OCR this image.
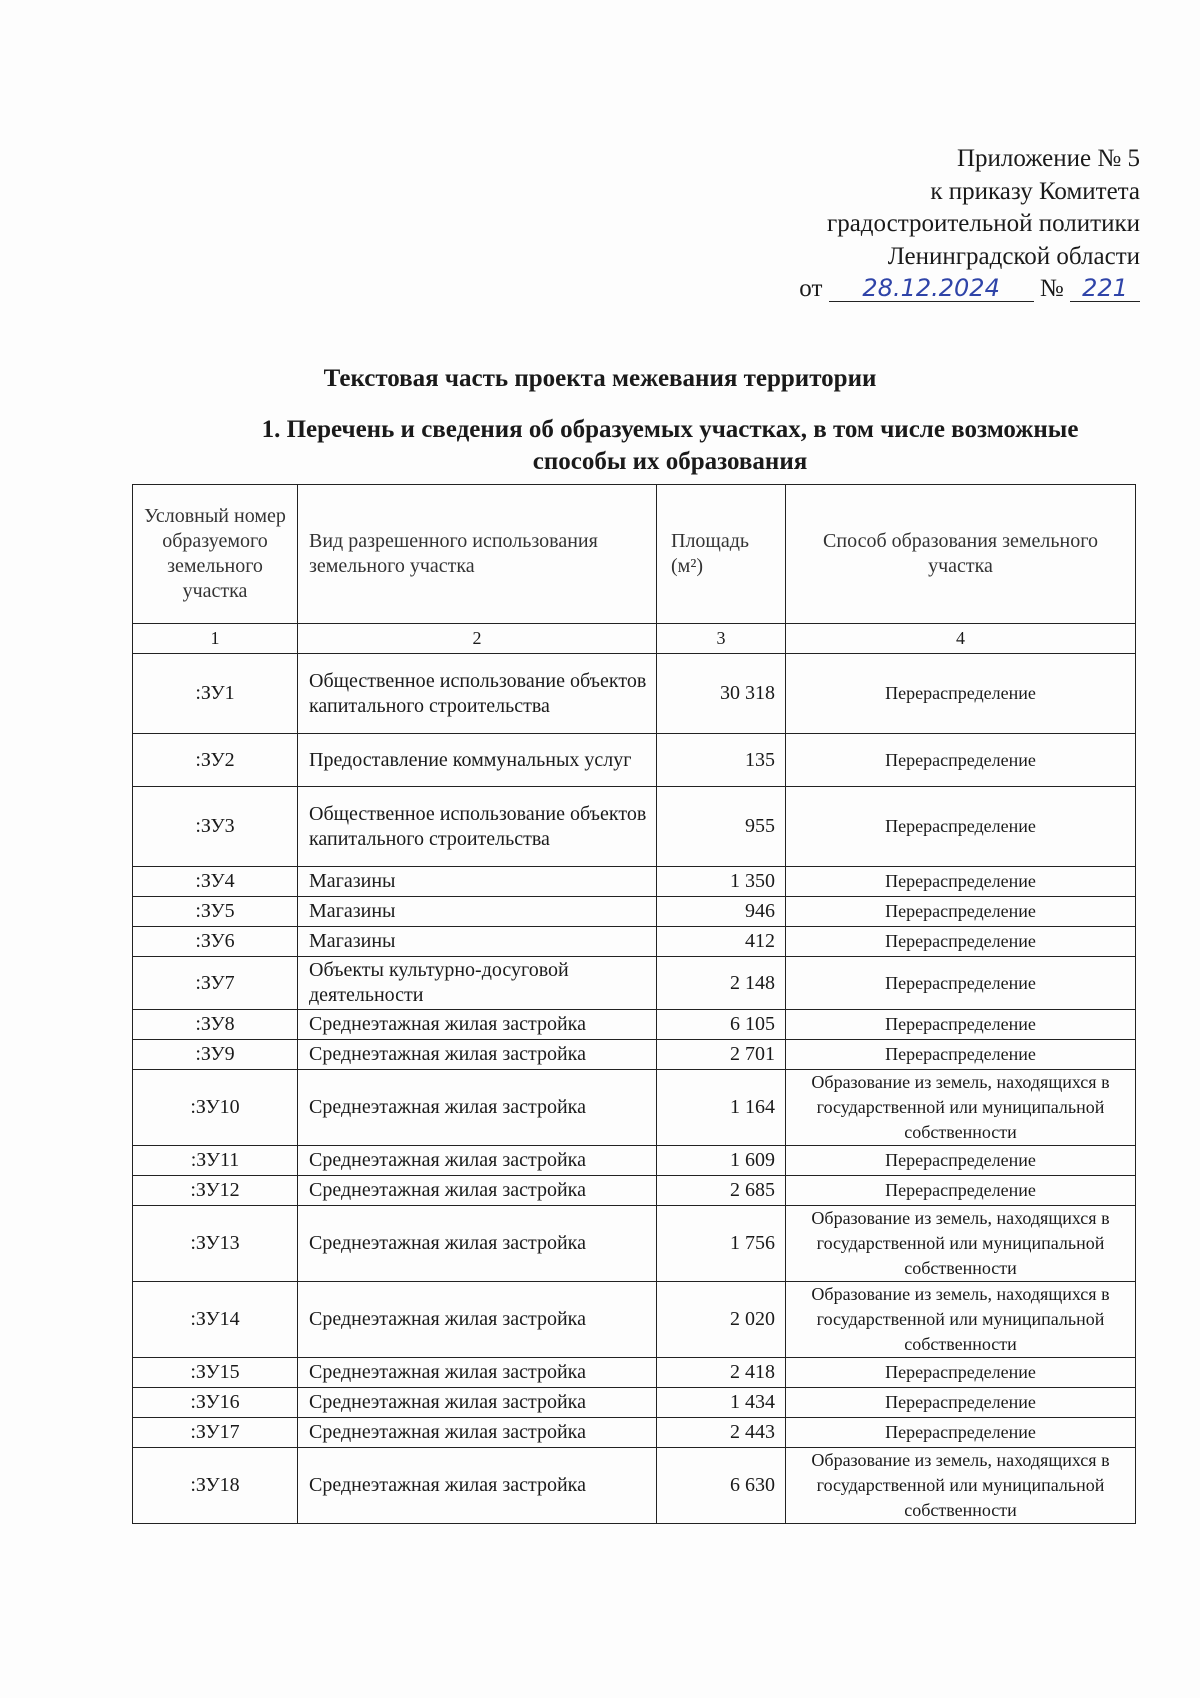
Приложение № 5
к приказу Комитета
градостроительной политики
Ленинградской области
от 28.12.2024 № 221
Текстовая часть проекта межевания территории
1. Перечень и сведения об образуемых участках, в том числе возможные
способы их образования
Условный номер образуемого земельного участка	Вид разрешенного использования земельного участка	Площадь (м²)	Способ образования земельного участка
1	2	3	4
:ЗУ1	Общественное использование объектов капитального строительства	30 318	Перераспределение
:ЗУ2	Предоставление коммунальных услуг	135	Перераспределение
:ЗУ3	Общественное использование объектов капитального строительства	955	Перераспределение
:ЗУ4	Магазины	1 350	Перераспределение
:ЗУ5	Магазины	946	Перераспределение
:ЗУ6	Магазины	412	Перераспределение
:ЗУ7	Объекты культурно-досуговой деятельности	2 148	Перераспределение
:ЗУ8	Среднеэтажная жилая застройка	6 105	Перераспределение
:ЗУ9	Среднеэтажная жилая застройка	2 701	Перераспределение
:ЗУ10	Среднеэтажная жилая застройка	1 164	Образование из земель, находящихся в государственной или муниципальной собственности
:ЗУ11	Среднеэтажная жилая застройка	1 609	Перераспределение
:ЗУ12	Среднеэтажная жилая застройка	2 685	Перераспределение
:ЗУ13	Среднеэтажная жилая застройка	1 756	Образование из земель, находящихся в государственной или муниципальной собственности
:ЗУ14	Среднеэтажная жилая застройка	2 020	Образование из земель, находящихся в государственной или муниципальной собственности
:ЗУ15	Среднеэтажная жилая застройка	2 418	Перераспределение
:ЗУ16	Среднеэтажная жилая застройка	1 434	Перераспределение
:ЗУ17	Среднеэтажная жилая застройка	2 443	Перераспределение
:ЗУ18	Среднеэтажная жилая застройка	6 630	Образование из земель, находящихся в государственной или муниципальной собственности
